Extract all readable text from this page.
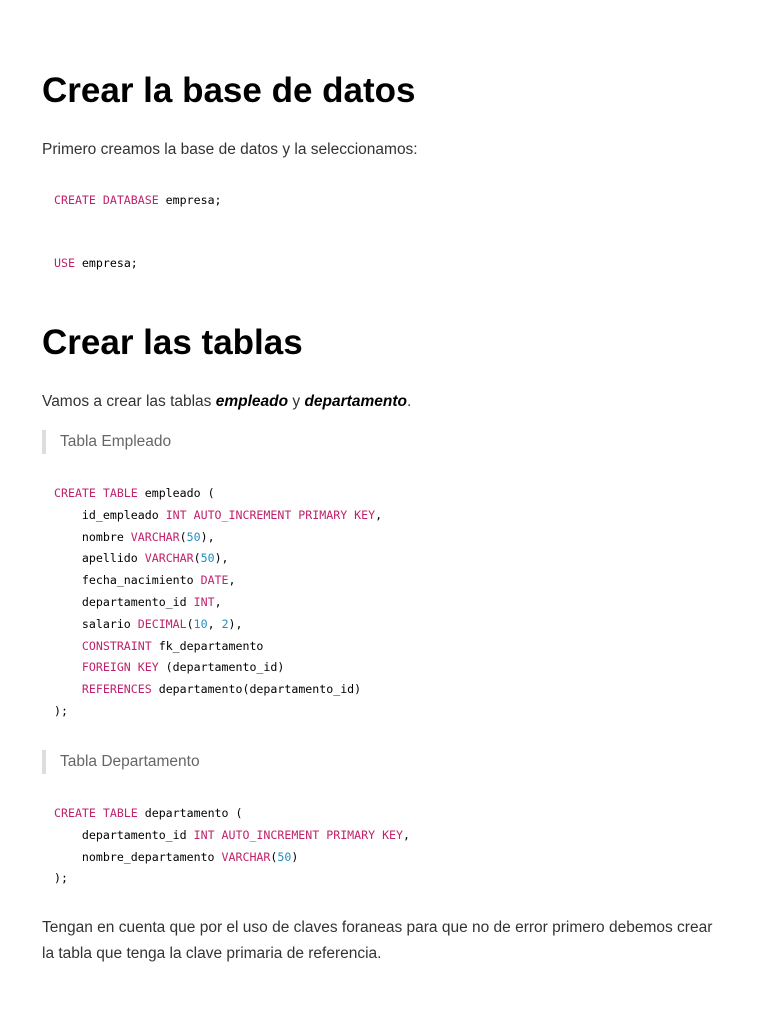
Crear la base de datos

Primero creamos la base de datos y la seleccionamos:

CREATE DATABASE empresa;
USE empresa;
Crear las tablas

Vamos a crear las tablas empleado y departamento.

Tabla Empleado
CREATE TABLE empleado (
id_empleado INT AUTO_INCREMENT PRIMARY KEY,
nombre VARCHAR(50),
apellido VARCHAR(50),
fecha_nacimiento DATE,
departamento_id INT,
salario DECIMAL(10, 2),
CONSTRAINT fk_departamento
FOREIGN KEY (departamento_id)
REFERENCES departamento(departamento_id)
);
Tabla Departamento
CREATE TABLE departamento (
departamento_id INT AUTO_INCREMENT PRIMARY KEY,
nombre_departamento VARCHAR(50)
);

Tengan en cuenta que por el uso de claves foraneas para que no de error primero debemos crear la tabla que tenga la clave primaria de referencia.
